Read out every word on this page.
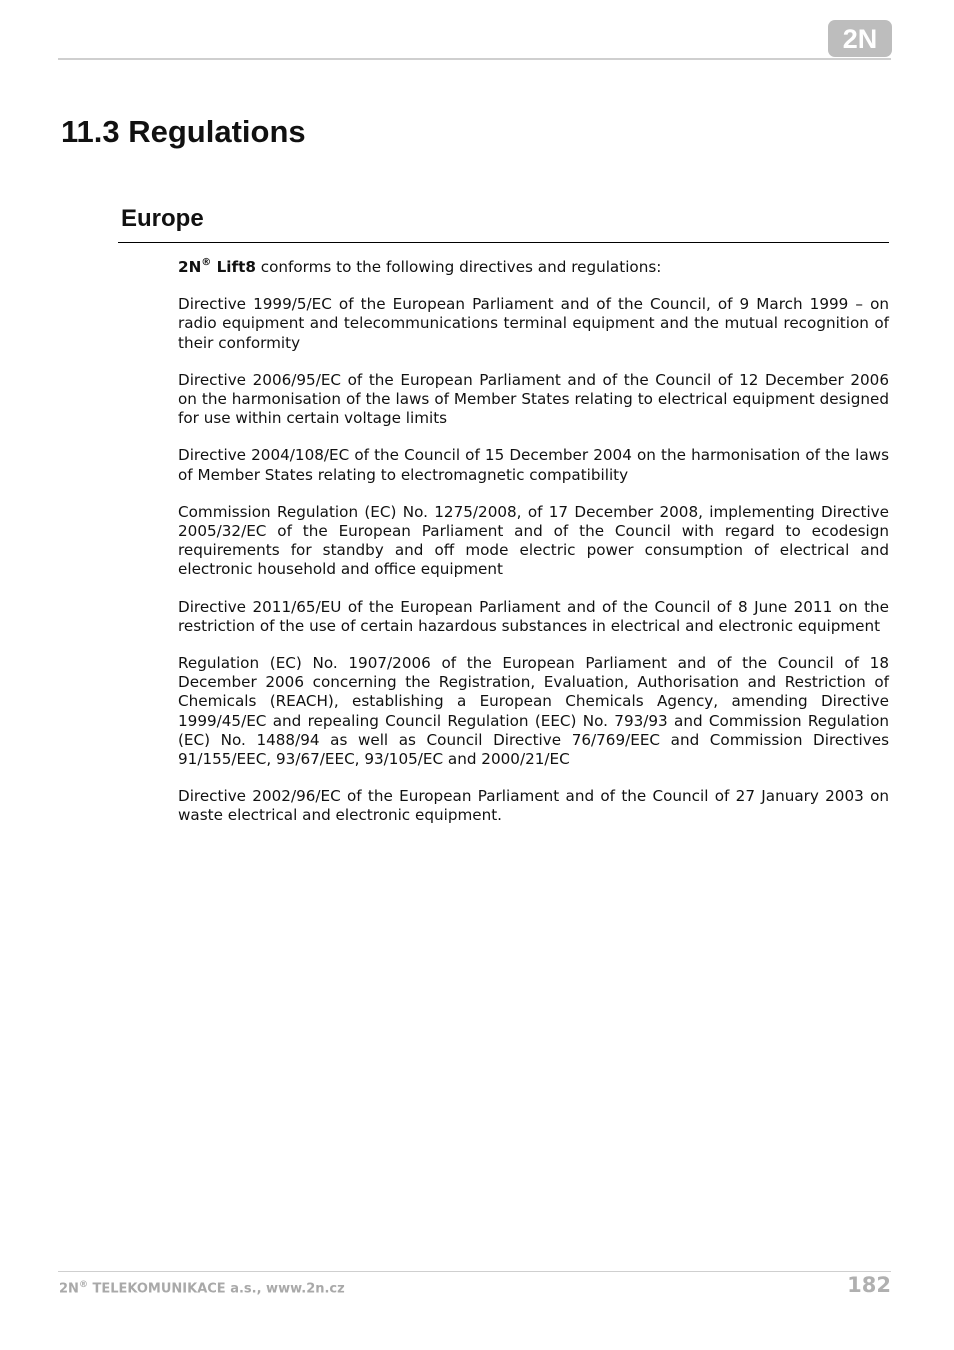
2N
11.3 Regulations
Europe

2N® Lift8 conforms to the following directives and regulations:

Directive 1999/5/EC of the European Parliament and of the Council, of 9 March 1999 – on radio equipment and telecommunications terminal equipment and the mutual recognition of their conformity

Directive 2006/95/EC of the European Parliament and of the Council of 12 December 2006 on the harmonisation of the laws of Member States relating to electrical equipment designed for use within certain voltage limits

Directive 2004/108/EC of the Council of 15 December 2004 on the harmonisation of the laws of Member States relating to electromagnetic compatibility

Commission Regulation (EC) No. 1275/2008, of 17 December 2008, implementing Directive 2005/32/EC of the European Parliament and of the Council with regard to ecodesign requirements for standby and off mode electric power consumption of electrical and electronic household and office equipment

Directive 2011/65/EU of the European Parliament and of the Council of 8 June 2011 on the restriction of the use of certain hazardous substances in electrical and electronic equipment

Regulation (EC) No. 1907/2006 of the European Parliament and of the Council of 18 December 2006 concerning the Registration, Evaluation, Authorisation and Restriction of Chemicals (REACH), establishing a European Chemicals Agency, amending Directive 1999/45/EC and repealing Council Regulation (EEC) No. 793/93 and Commission Regulation (EC) No. 1488/94 as well as Council Directive 76/769/EEC and Commission Directives 91/155/EEC, 93/67/EEC, 93/105/EC and 2000/21/EC

Directive 2002/96/EC of the European Parliament and of the Council of 27 January 2003 on waste electrical and electronic equipment.

2N® TELEKOMUNIKACE a.s., www.2n.cz	182
